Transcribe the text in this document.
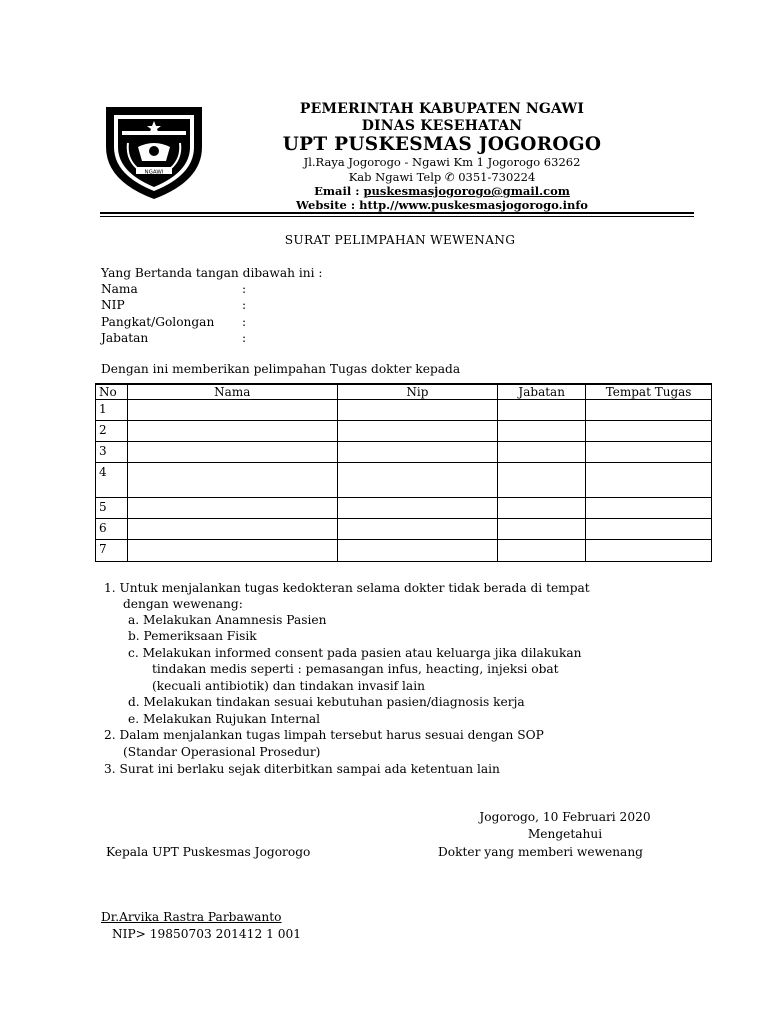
NGAWI
PEMERINTAH KABUPATEN NGAWI
DINAS KESEHATAN
UPT PUSKESMAS JOGOROGO
Jl.Raya Jogorogo - Ngawi Km 1 Jogorogo 63262
Kab Ngawi Telp ✆ 0351-730224
Email : puskesmasjogorogo@gmail.com
Website : http.//www.puskesmasjogorogo.info
SURAT PELIMPAHAN WEWENANG
Yang Bertanda tangan dibawah ini :
Nama	:
NIP	:
Pangkat/Golongan :
Jabatan	:
Dengan ini memberikan pelimpahan Tugas dokter kepada
No	Nama	Nip	Jabatan	Tempat Tugas
1				
2				
3				
4				
5				
6				
7				
1. Untuk menjalankan tugas kedokteran selama dokter tidak berada di tempat
dengan wewenang:
a. Melakukan Anamnesis Pasien
b. Pemeriksaan Fisik
c. Melakukan informed consent pada pasien atau keluarga jika dilakukan
tindakan medis seperti : pemasangan infus, heacting, injeksi obat
(kecuali antibiotik) dan tindakan invasif lain
d. Melakukan tindakan sesuai kebutuhan pasien/diagnosis kerja
e. Melakukan Rujukan Internal
2. Dalam menjalankan tugas limpah tersebut harus sesuai dengan SOP
(Standar Operasional Prosedur)
3. Surat ini berlaku sejak diterbitkan sampai ada ketentuan lain
Jogorogo, 10 Februari 2020
Mengetahui
Kepala UPT Puskesmas Jogorogo	Dokter yang memberi wewenang
Dr.Arvika Rastra Parbawanto
NIP> 19850703 201412 1 001
